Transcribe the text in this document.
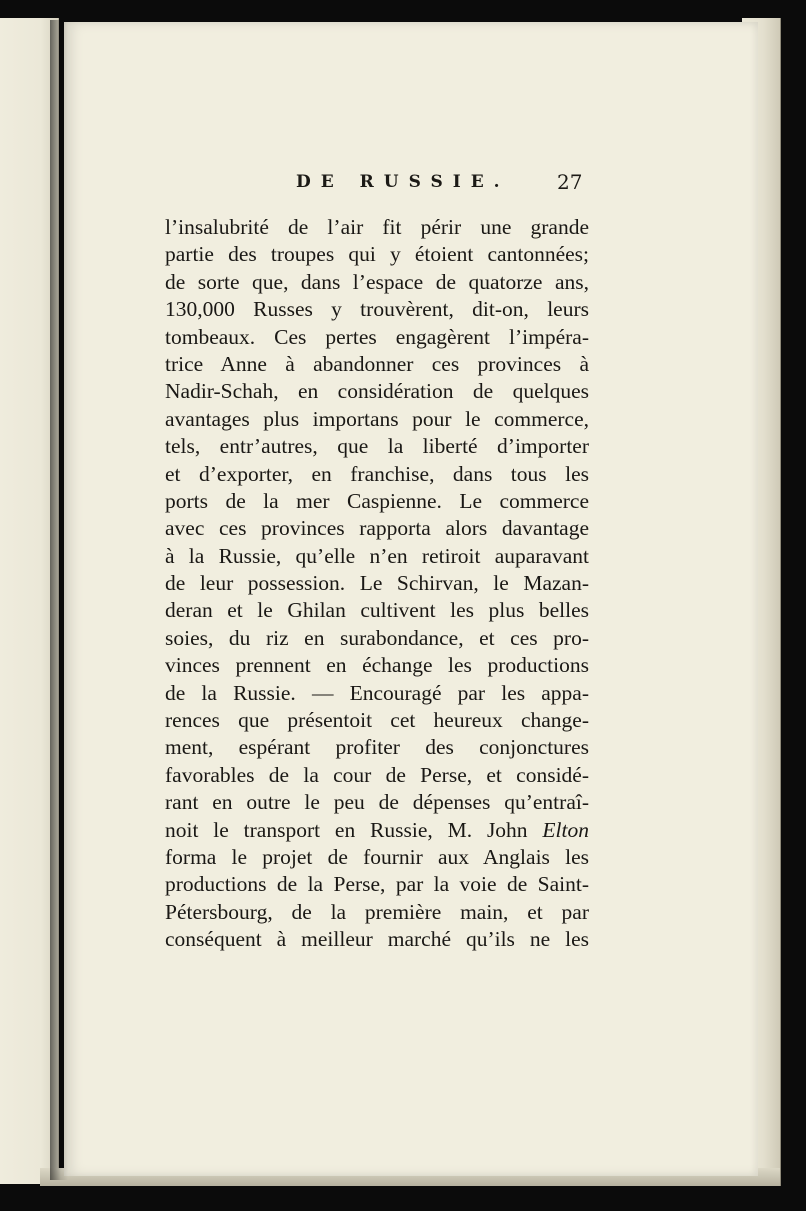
DE RUSSIE. 27
l’insalubrité de l’air fit périr une grande
partie des troupes qui y étoient cantonnées;
de sorte que, dans l’espace de quatorze ans,
130,000 Russes y trouvèrent, dit-on, leurs
tombeaux. Ces pertes engagèrent l’impéra-
trice Anne à abandonner ces provinces à
Nadir-Schah, en considération de quelques
avantages plus importans pour le commerce,
tels, entr’autres, que la liberté d’importer
et d’exporter, en franchise, dans tous les
ports de la mer Caspienne. Le commerce
avec ces provinces rapporta alors davantage
à la Russie, qu’elle n’en retiroit auparavant
de leur possession. Le Schirvan, le Mazan-
deran et le Ghilan cultivent les plus belles
soies, du riz en surabondance, et ces pro-
vinces prennent en échange les productions
de la Russie. — Encouragé par les appa-
rences que présentoit cet heureux change-
ment, espérant profiter des conjonctures
favorables de la cour de Perse, et considé-
rant en outre le peu de dépenses qu’entraî-
noit le transport en Russie, M. John Elton
forma le projet de fournir aux Anglais les
productions de la Perse, par la voie de Saint-
Pétersbourg, de la première main, et par
conséquent à meilleur marché qu’ils ne les
